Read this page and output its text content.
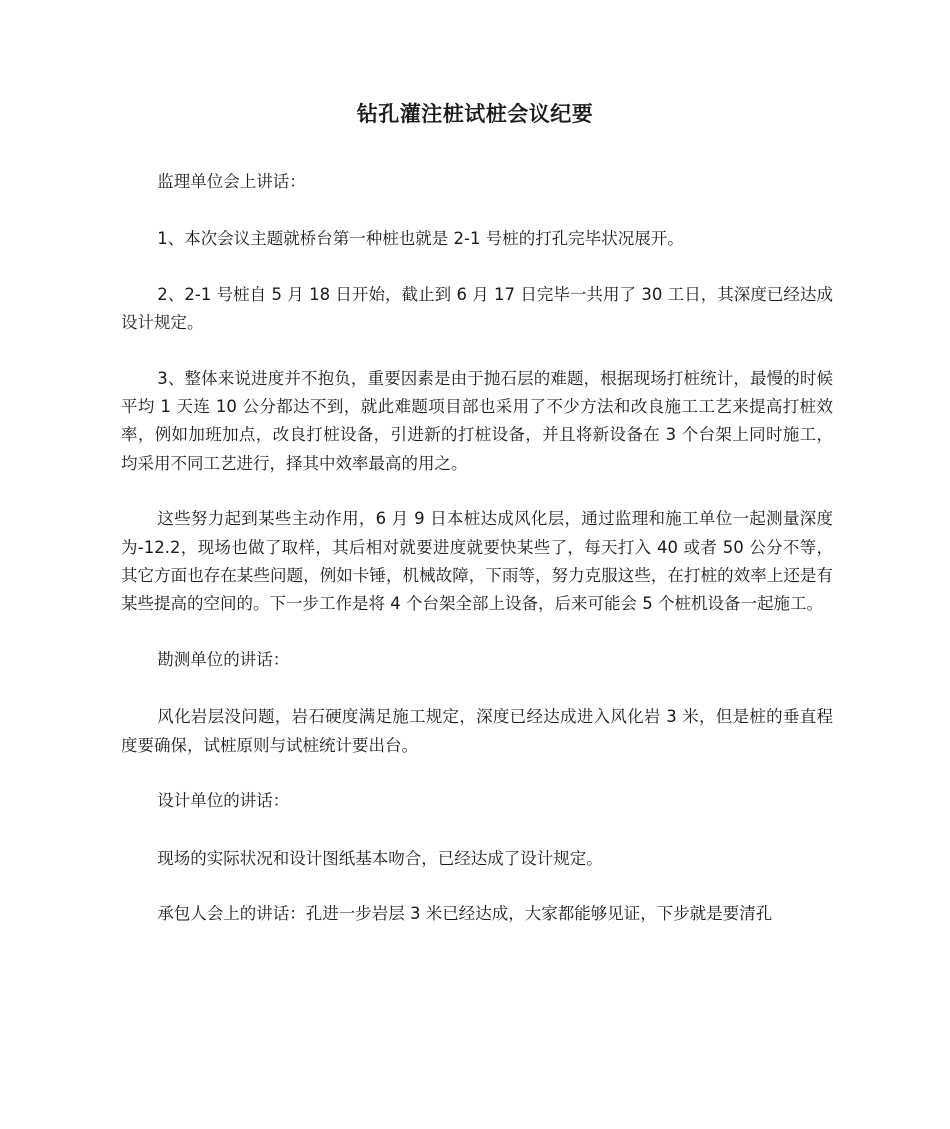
钻孔灌注桩试桩会议纪要

监理单位会上讲话：

1、本次会议主题就桥台第一种桩也就是 2-1 号桩的打孔完毕状况展开。

2、2-1 号桩自 5 月 18 日开始，截止到 6 月 17 日完毕一共用了 30 工日，其深度已经达成设计规定。

3、整体来说进度并不抱负，重要因素是由于抛石层的难题，根据现场打桩统计，最慢的时候平均 1 天连 10 公分都达不到，就此难题项目部也采用了不少方法和改良施工工艺来提高打桩效率，例如加班加点，改良打桩设备，引进新的打桩设备，并且将新设备在 3 个台架上同时施工，均采用不同工艺进行，择其中效率最高的用之。

这些努力起到某些主动作用，6 月 9 日本桩达成风化层，通过监理和施工单位一起测量深度为-12.2，现场也做了取样，其后相对就要进度就要快某些了，每天打入 40 或者 50 公分不等，其它方面也存在某些问题，例如卡锤，机械故障，下雨等，努力克服这些，在打桩的效率上还是有某些提高的空间的。下一步工作是将 4 个台架全部上设备，后来可能会 5 个桩机设备一起施工。

勘测单位的讲话：

风化岩层没问题，岩石硬度满足施工规定，深度已经达成进入风化岩 3 米，但是桩的垂直程度要确保，试桩原则与试桩统计要出台。

设计单位的讲话：

现场的实际状况和设计图纸基本吻合，已经达成了设计规定。

承包人会上的讲话：孔进一步岩层 3 米已经达成，大家都能够见证，下步就是要清孔
